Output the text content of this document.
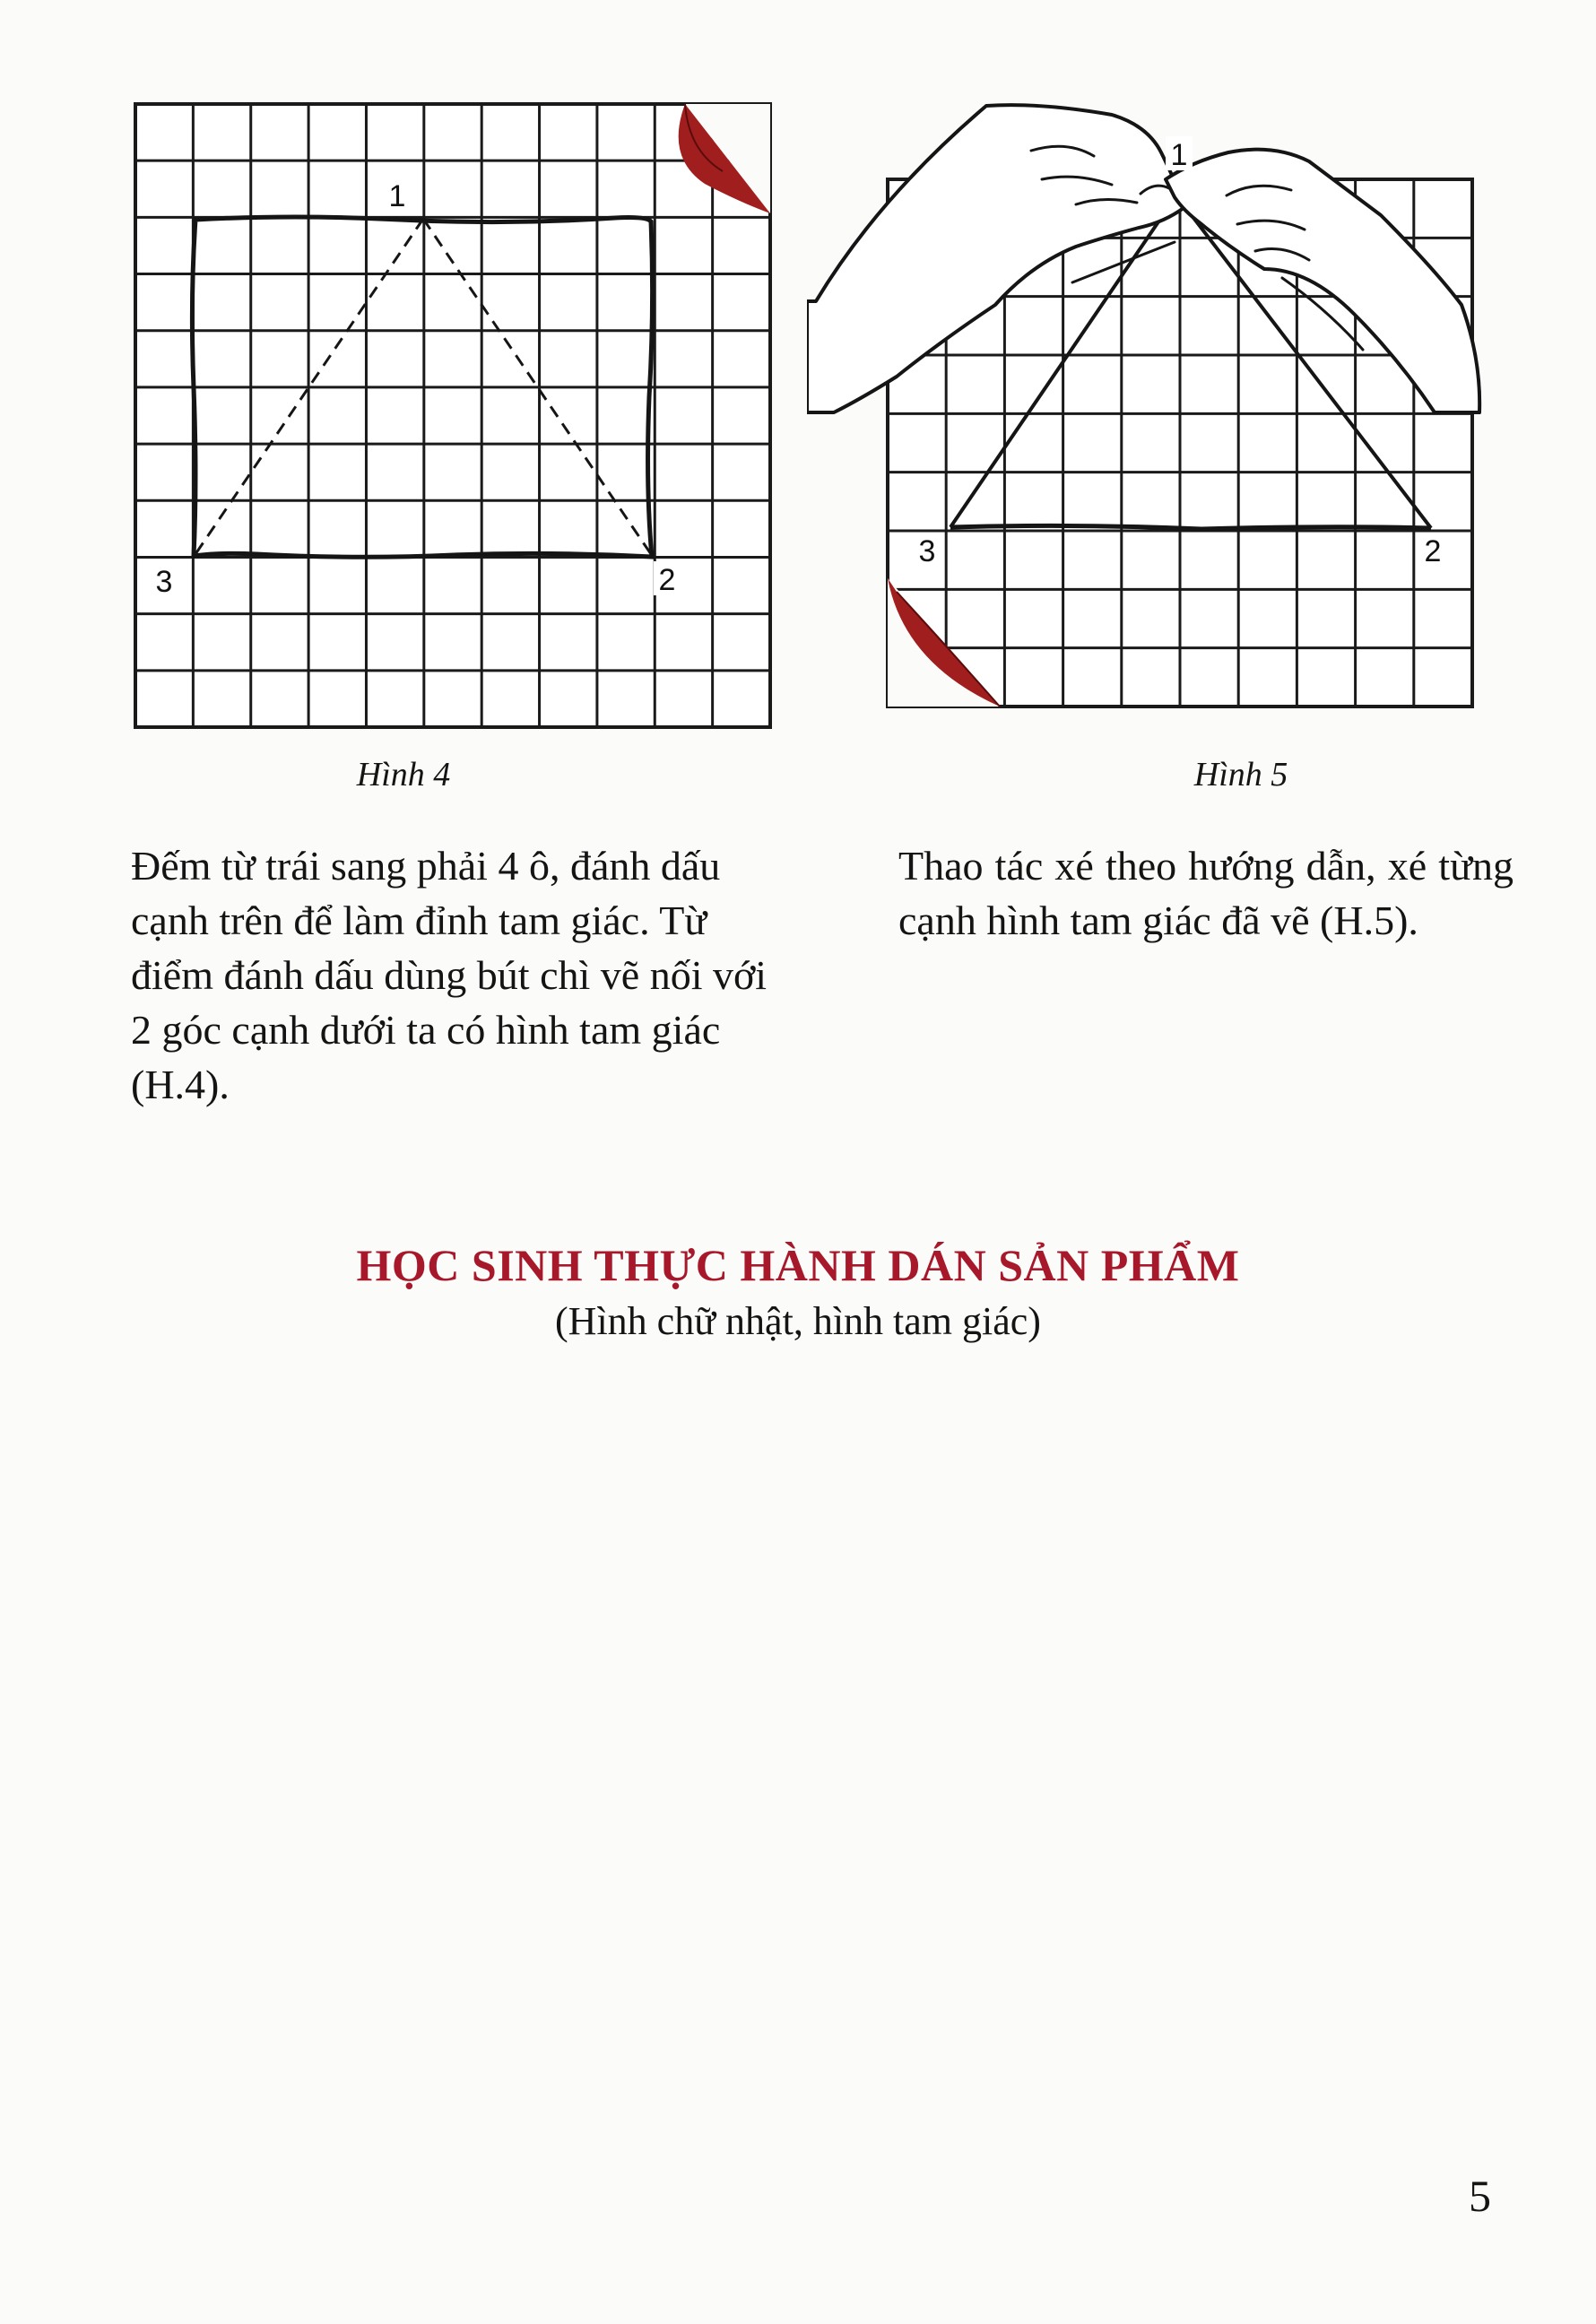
1
3	2
Hình 4
1
3	2
Hình 5

Đếm từ trái sang phải 4 ô, đánh dấu cạnh trên để làm đỉnh tam giác. Từ điểm đánh dấu dùng bút chì vẽ nối với 2 góc cạnh dưới ta có hình tam giác (H.4).

Thao tác xé theo hướng dẫn, xé từng cạnh hình tam giác đã vẽ (H.5).

HỌC SINH THỰC HÀNH DÁN SẢN PHẨM
(Hình chữ nhật, hình tam giác)
5
